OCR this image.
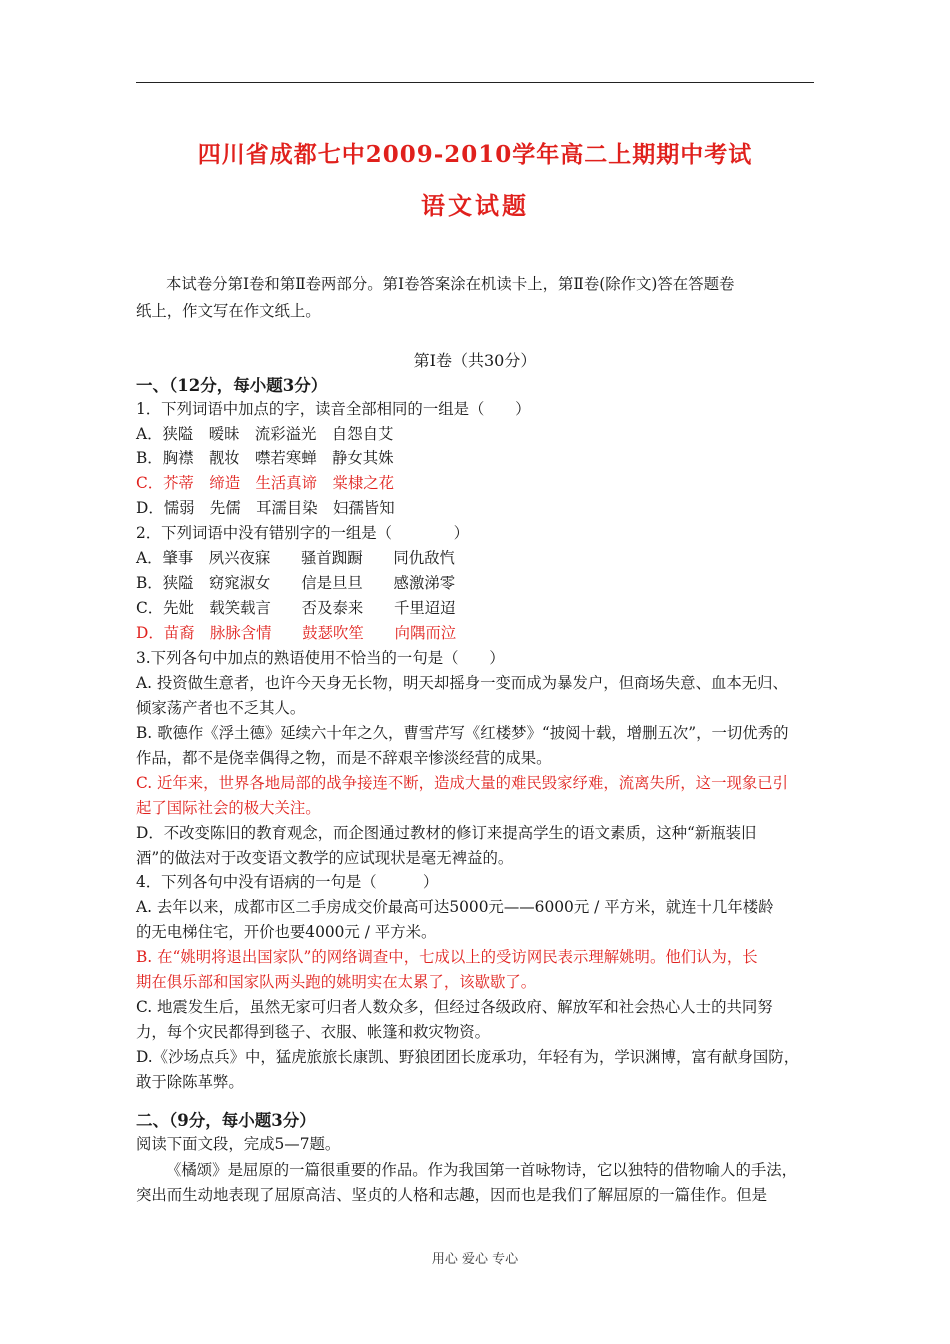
四川省成都七中2009-2010学年高二上期期中考试
语文试题
本试卷分第Ⅰ卷和第Ⅱ卷两部分。第Ⅰ卷答案涂在机读卡上，第Ⅱ卷(除作文)答在答题卷
纸上，作文写在作文纸上。
第Ⅰ卷（共30分）
一、（12分，每小题3分）
1．下列词语中加点的字，读音全部相同的一组是（　　）
A．狭隘　暧昧　流彩溢光　自怨自艾
B．胸襟　靓妆　噤若寒蝉　静女其姝
C．芥蒂　缔造　生活真谛　棠棣之花
D．懦弱　先儒　耳濡目染　妇孺皆知
2．下列词语中没有错别字的一组是（　　　　）
A．肇事　夙兴夜寐　　骚首踟蹰　　同仇敌忾
B．狭隘　窈窕淑女　　信是旦旦　　感激涕零
C．先妣　载笑载言　　否及泰来　　千里迢迢
D．苗裔　脉脉含情　　鼓瑟吹笙　　向隅而泣
3.下列各句中加点的熟语使用不恰当的一句是（　　）
A. 投资做生意者，也许今天身无长物，明天却摇身一变而成为暴发户，但商场失意、血本无归、
倾家荡产者也不乏其人。
B. 歌德作《浮土德》延续六十年之久，曹雪芹写《红楼梦》“披阅十载，增删五次”，一切优秀的
作品，都不是侥幸偶得之物，而是不辞艰辛惨淡经营的成果。
C. 近年来，世界各地局部的战争接连不断，造成大量的难民毁家纾难，流离失所，这一现象已引
起了国际社会的极大关注。
D．不改变陈旧的教育观念，而企图通过教材的修订来提高学生的语文素质，这种“新瓶装旧
酒”的做法对于改变语文教学的应试现状是毫无裨益的。
4．下列各句中没有语病的一句是（　　　）
A. 去年以来，成都市区二手房成交价最高可达5000元——6000元 / 平方米，就连十几年楼龄
的无电梯住宅，开价也要4000元 / 平方米。
B. 在“姚明将退出国家队”的网络调查中，七成以上的受访网民表示理解姚明。他们认为，长
期在俱乐部和国家队两头跑的姚明实在太累了，该歇歇了。
C. 地震发生后，虽然无家可归者人数众多，但经过各级政府、解放军和社会热心人士的共同努
力，每个灾民都得到毯子、衣服、帐篷和救灾物资。
D.《沙场点兵》中，猛虎旅旅长康凯、野狼团团长庞承功，年轻有为，学识渊博，富有献身国防，
敢于除陈革弊。
二、（9分，每小题3分）
阅读下面文段，完成5—7题。
《橘颂》是屈原的一篇很重要的作品。作为我国第一首咏物诗，它以独特的借物喻人的手法，
突出而生动地表现了屈原高洁、坚贞的人格和志趣，因而也是我们了解屈原的一篇佳作。但是
用心 爱心 专心
